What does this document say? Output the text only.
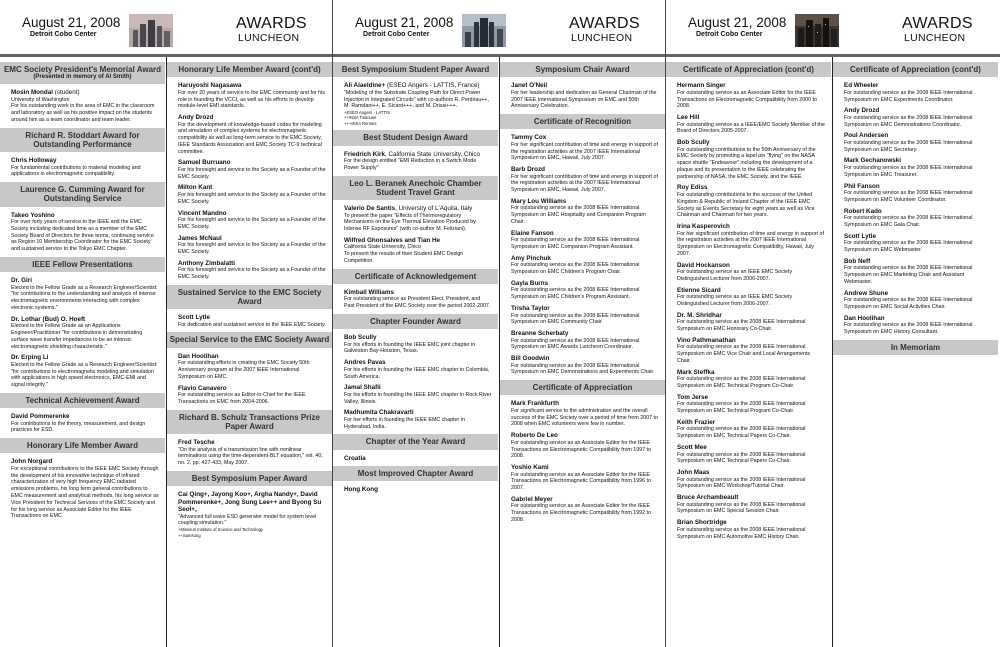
August 21, 2008
Detroit Cobo Center
AWARDS
LUNCHEON
EMC Society President's Memorial Award
(Presented in memory of Al Smith)
Mosin Mondal (student)
University of Washington
For his outstanding work in the area of EMC in the classroom and laboratory as well as his positive impact on the students around him as a team coordinator and team leader.
Richard R. Stoddart Award for Outstanding Performance
Chris Holloway
For fundamental contributions to material modeling and applications in electromagnetic compatibility.
Laurence G. Cumming Award for Outstanding Service
Takeo Yoshino
For over forty years of service to the IEEE and the EMC Society including dedicated time as a member of the EMC Society Board of Directors for three terms, continuing service as Region 10 Membership Coordinator for the EMC Society and sustained service to the Tokyo EMC Chapter.
IEEE Fellow Presentations
Dr. Giri
Elected to the Fellow Grade as a Research Engineer/Scientist: "for contributions to the understanding and analysis of intense electromagnetic environments interacting with complex electronic systems."
Dr. Lothar (Bud) O. Hoeft
Elected to the Fellow Grade as an Applications Engineer/Practitioner "for contributions in demonstrating surface wave transfer impedances to be an intrinsic electromagnetic shielding characteristic."
Dr. Erping Li
Elected to the Fellow Grade as a Research Engineer/Scientist: "for contributions to electromagnetic modeling and simulation with applications in high speed electronics, EMC-EMI and signal integrity."
Technical Achievement Award
David Pommerenke
For contributions to the theory, measurement, and design practices for ESD.
Honorary Life Member Award
John Norgard
For exceptional contributions to the IEEE EMC Society through the development of his innovative technique of infrared characterization of very high frequency EMC radiated emissions problems, his long term general contributions to EMC measurement and analytical methods, his long service as Vice President for Technical Services of the EMC Society and for his long service as Associate Editor for the IEEE Transactions on EMC.
Honorary Life Member Award (cont'd)
Haruyoshi Nagasawa
For over 20 years of service to the EMC community and for his role in founding the VCCI, as well as his efforts to develop module-level EMI standards.
Andy Drozd
For the development of knowledge-based codes for modeling and simulation of complex systems for electromagnetic compatibility as well as long-term service to the EMC Society, IEEE Standards Association and EMC Society TC-9 technical committee.
Samuel Burruano
For his foresight and service to the Society as a Founder of the EMC Society.
Milton Kant
For his foresight and service to the Society as a Founder of the EMC Society.
Vincent Mandno
For his foresight and service to the Society as a Founder of the EMC Society.
James McNaul
For his foresight and service to the Society as a Founder of the EMC Society.
Anthony Zimbalatti
For his foresight and service to the Society as a Founder of the EMC Society.
Sustained Service to the EMC Society Award
Scott Lytle
For dedication and sustained service to the IEEE EMC Society.
Special Service to the EMC Society Award
Dan Hoolihan
For outstanding efforts in creating the EMC Society 50th Anniversary program at the 2007 IEEE International Symposium on EMC.
Flavio Canavero
For outstanding service as Editor-in-Chief for the IEEE Transactions on EMC from 2004-2006.
Richard B. Schulz Transactions Prize Paper Award
Fred Tesche
"On the analysis of a transmission line with nonlinear terminations using the time-dependent-BLT equation," vol. 40, no. 2, pp. 427-433, May 2007.
Best Symposium Paper Award
Cai Qing+, Jayong Koo+, Argha Nandy+, David Pommerenke+, Jong Sung Lee++ and Byong Su Seol+,
"Advanced full wave ESD generator model for system level coupling simulation."
+Missouri Institute of Science and Technology
++Samsung
August 21, 2008
Detroit Cobo Center
AWARDS
LUNCHEON
Best Symposium Student Paper Award
Ali Alaeldine+ (ESEO Angers - LATTIS, France)
"Modeling of the Substrate Coupling Path for Direct Power Injection in Integrated Circuits" with co-authors R. Perdriau++, M. Ramdani++, E. Sicard+++, and M. Drissi+++.
+ESEO Angers - LATTIS
++INSA Toulouse
+++INSA Rennes
Best Student Design Award
Friedrich Kirk, California State University, Chico
For the design entitled "EMI Reduction in a Switch Mode Power Supply"
Leo L. Beranek Anechoic Chamber Student Travel Grant
Valerio De Santis, University of L'Aquila, Italy
To present the paper "Effects of Thermoregulatory Mechanisms on the Eye Thermal Elevation Produced by Intense RF Exposures" (with co-author M. Feliziani).
Wilfred Ghonsalves and Tian He
California State University, Chico
To present the results of their Student EMC Design Competition.
Certificate of Acknowledgement
Kimball Williams
For outstanding service as President Elect, President, and Past President of the EMC Society over the period 2002-2007.
Chapter Founder Award
Bob Scully
For his efforts in founding the IEEE EMC joint chapter in Galveston Bay-Houston, Texas.
Andres Pavas
For his efforts in founding the IEEE EMC chapter in Colombia, South America.
Jamal Shafii
For his efforts in founding the IEEE EMC chapter in Rock River Valley, Illinois.
Madhumita Chakravarti
For her efforts in founding the IEEE EMC chapter in Hyderabad, India.
Chapter of the Year Award
Croatia
Most Improved Chapter Award
Hong Kong
Symposium Chair Award
Janet O'Neil
For her leadership and dedication as General Chairman of the 2007 IEEE International Symposium on EMC and 50th Anniversary Celebration.
Certificate of Recognition
Tammy Cox
For her significant contribution of time and energy in support of the registration activities at the 2007 IEEE International Symposium on EMC, Hawaii, July 2007.
Barb Drozd
For her significant contribution of time and energy in support of the registration activities at the 2007 IEEE International Symposium on EMC, Hawaii, July 2007.
Mary Lou Williams
For outstanding service as the 2008 IEEE International Symposium on EMC Hospitality and Companion Program Chair.
Elaine Fanson
For outstanding service as the 2008 IEEE International Symposium on EMC Companion Program Assistant.
Amy Pinchuk
For outstanding service as the 2008 IEEE International Symposium on EMC Children's Program Chair.
Gayla Burns
For outstanding service as the 2008 IEEE International Symposium on EMC Children's Program Assistant.
Trisha Taylor
For outstanding service as the 2008 IEEE International Symposium on EMC Community Chair.
Breanne Scherbaty
For outstanding service as the 2008 IEEE International Symposium on EMC Awards Luncheon Coordinator.
Bill Goodwin
For outstanding service as the 2008 IEEE International Symposium on EMC Demonstrations and Experiments Chair.
Certificate of Appreciation
Mark Frankfurth
For significant service to the administration and the overall success of the EMC Society over a period of time from 2007 to 2008 when EMC volunteers were few in number.
Roberto De Leo
For outstanding service as an Associate Editor for the IEEE Transactions on Electromagnetic Compatibility from 1997 to 2008.
Yoshio Kami
For outstanding service as an Associate Editor for the IEEE Transactions on Electromagnetic Compatibility from 1996 to 2007.
Gabriel Meyer
For outstanding service as an Associate Editor for the IEEE Transactions on Electromagnetic Compatibility from 1992 to 2008.
August 21, 2008
Detroit Cobo Center
AWARDS
LUNCHEON
Certificate of Appreciation (cont'd)
Hermann Singer
For outstanding service as an Associate Editor for the IEEE Transactions on Electromagnetic Compatibility from 2000 to 2008.
Lee Hill
For outstanding service as a IEEE/EMC Society Member of the Board of Directors 2005-2007.
Bob Scully
For outstanding contributions to the 50th Anniversary of the EMC Society by promoting a lapel pin "flying" on the NASA space shuttle "Endeavour" including the development of a plaque and its presentation to the IEEE celebrating the partnership of NASA, the EMC Society, and the IEEE.
Roy Ediss
For outstanding contributions to the success of the United Kingdom & Republic of Ireland Chapter of the IEEE EMC Society as Events Secretary for eight years as well as Vice Chairman and Chairman for two years.
Irina Kasperovich
For her significant contribution of time and energy in support of the registration activities at the 2007 IEEE International Symposium on Electromagnetic Compatibility, Hawaii, July 2007.
David Hockanson
For outstanding service as an IEEE EMC Society Distinguished Lecturer from 2006-2007.
Etienne Sicard
For outstanding service as an IEEE EMC Society Distinguished Lecturer from 2006-2007.
Dr. M. Shridhar
For outstanding service as the 2008 IEEE International Symposium on EMC Honorary Co-Chair.
Vino Pathmanathan
For outstanding service as the 2008 IEEE International Symposium on EMC Vice Chair and Local Arrangements Chair.
Mark Steffka
For outstanding service as the 2008 IEEE International Symposium on EMC Technical Program Co-Chair.
Tom Jerse
For outstanding service as the 2008 IEEE International Symposium on EMC Technical Program Co-Chair.
Keith Frazier
For outstanding service as the 2008 IEEE International Symposium on EMC Technical Papers Co-Chair.
Scott Mee
For outstanding service as the 2008 IEEE International Symposium on EMC Technical Papers Co-Chair.
John Maas
For outstanding service as the 2008 IEEE International Symposium on EMC Workshop/Tutorial Chair.
Bruce Archambeault
For outstanding service as the 2008 IEEE International Symposium on EMC Special Session Chair.
Brian Shortridge
For outstanding service as the 2008 IEEE International Symposium on EMC Automotive EMC History Chair.
Certificate of Appreciation (cont'd)
Ed Wheeler
For outstanding service as the 2008 IEEE International Symposium on EMC Experiments Coordinator.
Andy Drozd
For outstanding service as the 2008 IEEE International Symposium on EMC Demonstrations Coordinator.
Poul Andersen
For outstanding service as the 2008 IEEE International Symposium on EMC Secretary.
Mark Gechanowski
For outstanding service as the 2008 IEEE International Symposium on EMC Treasurer.
Phil Fanson
For outstanding service as the 2008 IEEE International Symposium on EMC Volunteer Coordinator.
Robert Kado
For outstanding service as the 2008 IEEE International Symposium on EMC Gala Chair.
Scott Lytle
For outstanding service as the 2008 IEEE International Symposium on EMC Webmaster.
Bob Neff
For outstanding service as the 2008 IEEE International Symposium on EMC Marketing Chair and Assistant Webmaster.
Andrew Shune
For outstanding service as the 2008 IEEE International Symposium on EMC Social Activities Chair.
Dan Hoolihan
For outstanding service as the 2008 IEEE International Symposium on EMC History Consultant.
In Memoriam
